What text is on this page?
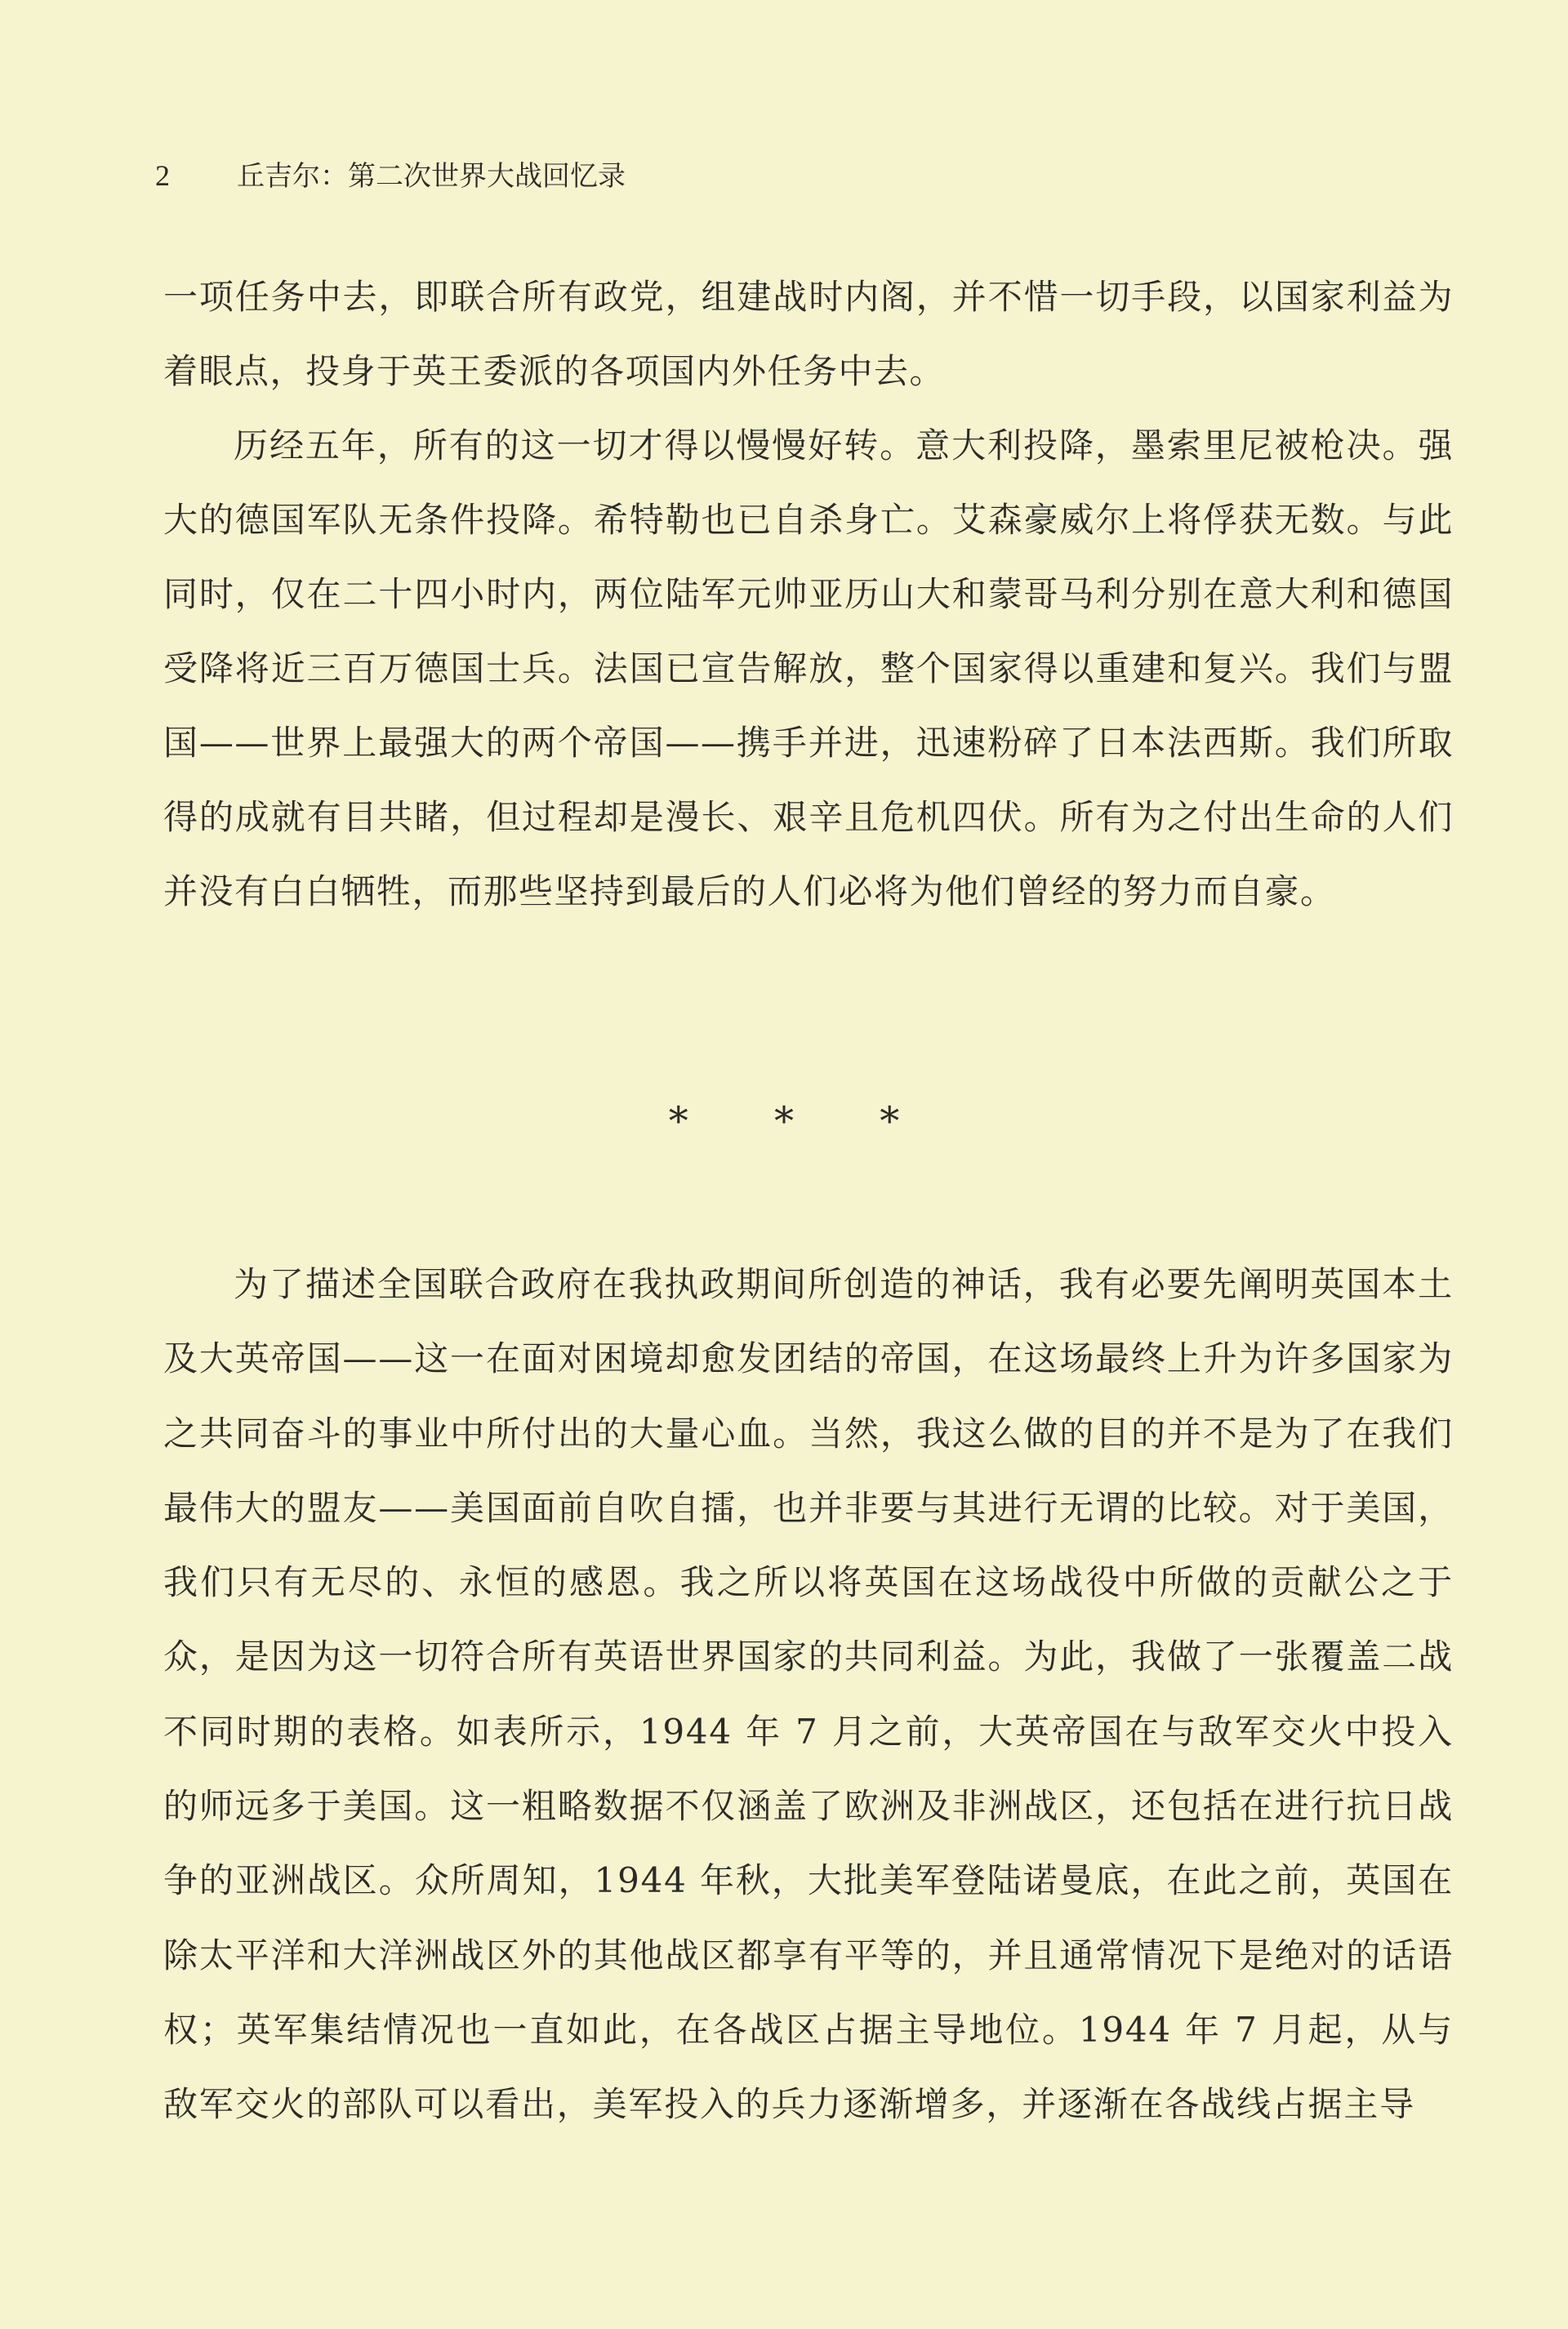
2 丘吉尔：第二次世界大战回忆录

一项任务中去，即联合所有政党，组建战时内阁，并不惜一切手段，以国家利益为着眼点，投身于英王委派的各项国内外任务中去。

历经五年，所有的这一切才得以慢慢好转。意大利投降，墨索里尼被枪决。强大的德国军队无条件投降。希特勒也已自杀身亡。艾森豪威尔上将俘获无数。与此同时，仅在二十四小时内，两位陆军元帅亚历山大和蒙哥马利分别在意大利和德国受降将近三百万德国士兵。法国已宣告解放，整个国家得以重建和复兴。我们与盟国——世界上最强大的两个帝国——携手并进，迅速粉碎了日本法西斯。我们所取得的成就有目共睹，但过程却是漫长、艰辛且危机四伏。所有为之付出生命的人们并没有白白牺牲，而那些坚持到最后的人们必将为他们曾经的努力而自豪。

* * *

为了描述全国联合政府在我执政期间所创造的神话，我有必要先阐明英国本土及大英帝国——这一在面对困境却愈发团结的帝国，在这场最终上升为许多国家为之共同奋斗的事业中所付出的大量心血。当然，我这么做的目的并不是为了在我们最伟大的盟友——美国面前自吹自擂，也并非要与其进行无谓的比较。对于美国，我们只有无尽的、永恒的感恩。我之所以将英国在这场战役中所做的贡献公之于众，是因为这一切符合所有英语世界国家的共同利益。为此，我做了一张覆盖二战不同时期的表格。如表所示，1944 年 7 月之前，大英帝国在与敌军交火中投入的师远多于美国。这一粗略数据不仅涵盖了欧洲及非洲战区，还包括在进行抗日战争的亚洲战区。众所周知，1944 年秋，大批美军登陆诺曼底，在此之前，英国在除太平洋和大洋洲战区外的其他战区都享有平等的，并且通常情况下是绝对的话语权；英军集结情况也一直如此，在各战区占据主导地位。1944 年 7 月起，从与敌军交火的部队可以看出，美军投入的兵力逐渐增多，并逐渐在各战线占据主导
